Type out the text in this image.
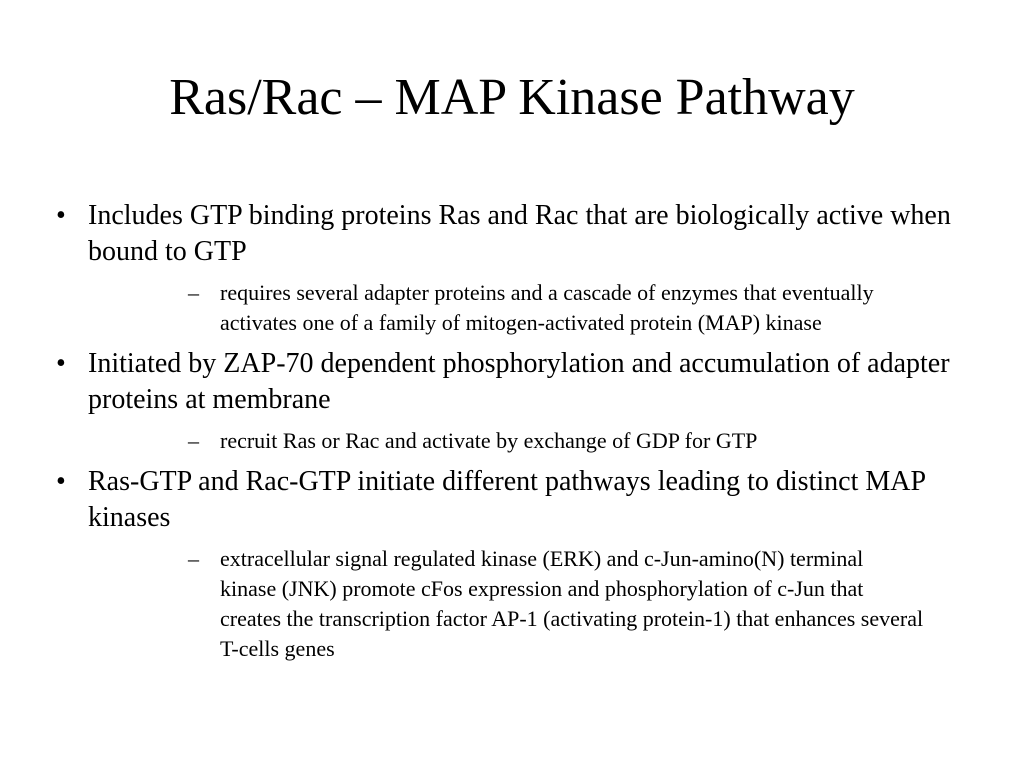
Ras/Rac – MAP Kinase Pathway
• Includes GTP binding proteins Ras and Rac that are biologically active when bound to GTP
– requires several adapter proteins and a cascade of enzymes that eventually activates one of a family of mitogen-activated protein (MAP) kinase
• Initiated by ZAP-70 dependent phosphorylation and accumulation of adapter proteins at membrane
– recruit Ras or Rac and activate by exchange of GDP for GTP
• Ras-GTP and Rac-GTP initiate different pathways leading to distinct MAP kinases
– extracellular signal regulated kinase (ERK) and c-Jun-amino(N) terminal kinase (JNK) promote cFos expression and phosphorylation of c-Jun that creates the transcription factor AP-1 (activating protein-1) that enhances several T-cells genes
